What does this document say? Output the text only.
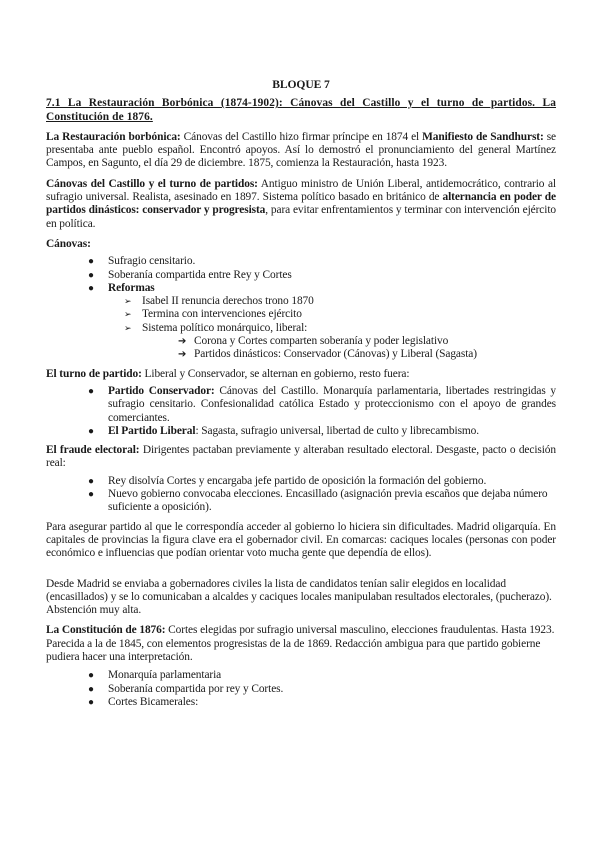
BLOQUE 7
7.1 La Restauración Borbónica (1874-1902): Cánovas del Castillo y el turno de partidos. La Constitución de 1876.

La Restauración borbónica: Cánovas del Castillo hizo firmar príncipe en 1874 el Manifiesto de Sandhurst: se presentaba ante pueblo español. Encontró apoyos. Así lo demostró el pronunciamiento del general Martínez Campos, en Sagunto, el día 29 de diciembre. 1875, comienza la Restauración, hasta 1923.

Cánovas del Castillo y el turno de partidos: Antiguo ministro de Unión Liberal, antidemocrático, contrario al sufragio universal. Realista, asesinado en 1897. Sistema político basado en británico de alternancia en poder de partidos dinásticos: conservador y progresista, para evitar enfrentamientos y terminar con intervención ejército en política.

Cánovas:

● Sufragio censitario.
● Soberanía compartida entre Rey y Cortes
● Reformas
➢ Isabel II renuncia derechos trono 1870
➢ Termina con intervenciones ejército
➢ Sistema político monárquico, liberal:
➔ Corona y Cortes comparten soberanía y poder legislativo
➔ Partidos dinásticos: Conservador (Cánovas) y Liberal (Sagasta)

El turno de partido: Liberal y Conservador, se alternan en gobierno, resto fuera:

● Partido Conservador: Cánovas del Castillo. Monarquía parlamentaria, libertades restringidas y sufragio censitario. Confesionalidad católica Estado y proteccionismo con el apoyo de grandes comerciantes.
● El Partido Liberal: Sagasta, sufragio universal, libertad de culto y librecambismo.

El fraude electoral: Dirigentes pactaban previamente y alteraban resultado electoral. Desgaste, pacto o decisión real:

● Rey disolvía Cortes y encargaba jefe partido de oposición la formación del gobierno.
● Nuevo gobierno convocaba elecciones. Encasillado (asignación previa escaños que dejaba número suficiente a oposición).

Para asegurar partido al que le correspondía acceder al gobierno lo hiciera sin dificultades. Madrid oligarquía. En capitales de provincias la figura clave era el gobernador civil. En comarcas: caciques locales (personas con poder económico e influencias que podían orientar voto mucha gente que dependía de ellos).

Desde Madrid se enviaba a gobernadores civiles la lista de candidatos tenían salir elegidos en localidad (encasillados) y se lo comunicaban a alcaldes y caciques locales manipulaban resultados electorales, (pucherazo). Abstención muy alta.

La Constitución de 1876: Cortes elegidas por sufragio universal masculino, elecciones fraudulentas. Hasta 1923. Parecida a la de 1845, con elementos progresistas de la de 1869. Redacción ambigua para que partido gobierne pudiera hacer una interpretación.

● Monarquía parlamentaria
● Soberanía compartida por rey y Cortes.
● Cortes Bicamerales:
